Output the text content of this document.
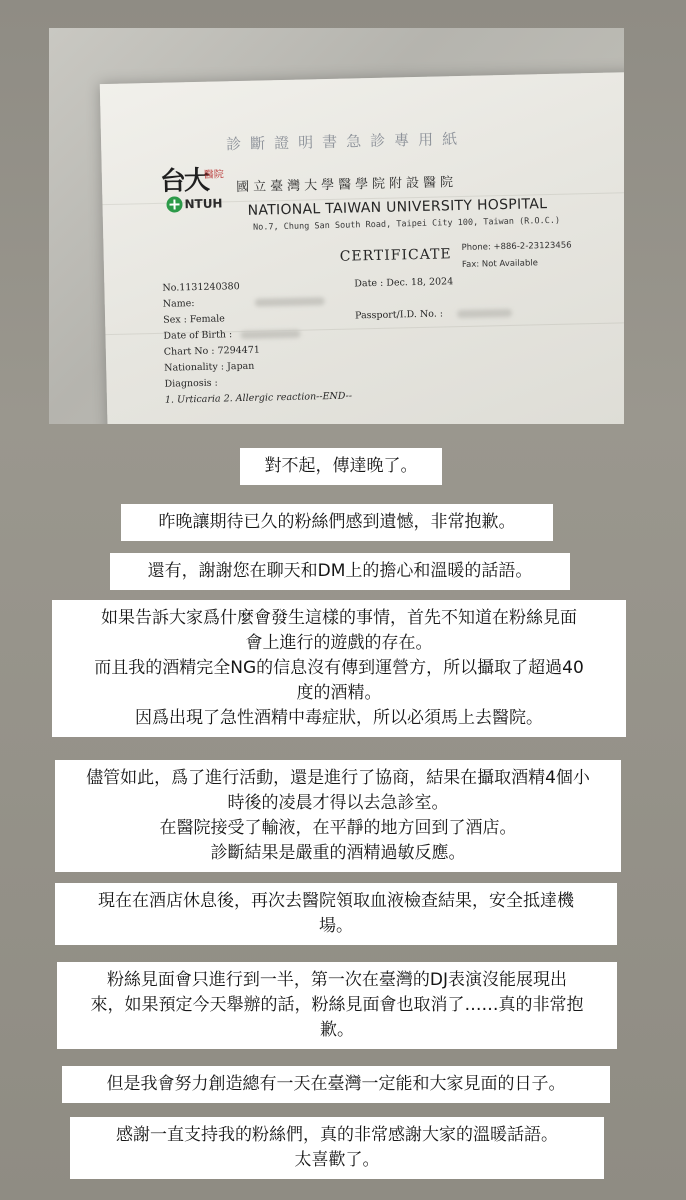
診斷證明書急診專用紙
台大
醫院
NTUH
國立臺灣大學醫學院附設醫院
NATIONAL TAIWAN UNIVERSITY HOSPITAL
No.7, Chung San South Road, Taipei City 100, Taiwan (R.O.C.)
CERTIFICATE Phone: +886-2-23123456
Fax: Not Available
No.1131240380	Date : Dec. 18, 2024
Name:
Sex : Female	Passport/I.D. No. :
Date of Birth :
Chart No : 7294471
Nationality : Japan
Diagnosis :
1. Urticaria 2. Allergic reaction--END--
對不起，傳達晚了。
昨晚讓期待已久的粉絲們感到遺憾，非常抱歉。
還有，謝謝您在聊天和DM上的擔心和溫暖的話語。
如果告訴大家爲什麼會發生這樣的事情，首先不知道在粉絲見面
會上進行的遊戲的存在。
而且我的酒精完全NG的信息沒有傳到運營方，所以攝取了超過40
度的酒精。
因爲出現了急性酒精中毒症狀，所以必須馬上去醫院。
儘管如此，爲了進行活動，還是進行了協商，結果在攝取酒精4個小
時後的凌晨才得以去急診室。
在醫院接受了輸液，在平靜的地方回到了酒店。
診斷結果是嚴重的酒精過敏反應。
現在在酒店休息後，再次去醫院領取血液檢查結果，安全抵達機
場。
粉絲見面會只進行到一半，第一次在臺灣的DJ表演沒能展現出
來，如果預定今天舉辦的話，粉絲見面會也取消了……真的非常抱
歉。
但是我會努力創造總有一天在臺灣一定能和大家見面的日子。
感謝一直支持我的粉絲們，真的非常感謝大家的溫暖話語。
太喜歡了。
